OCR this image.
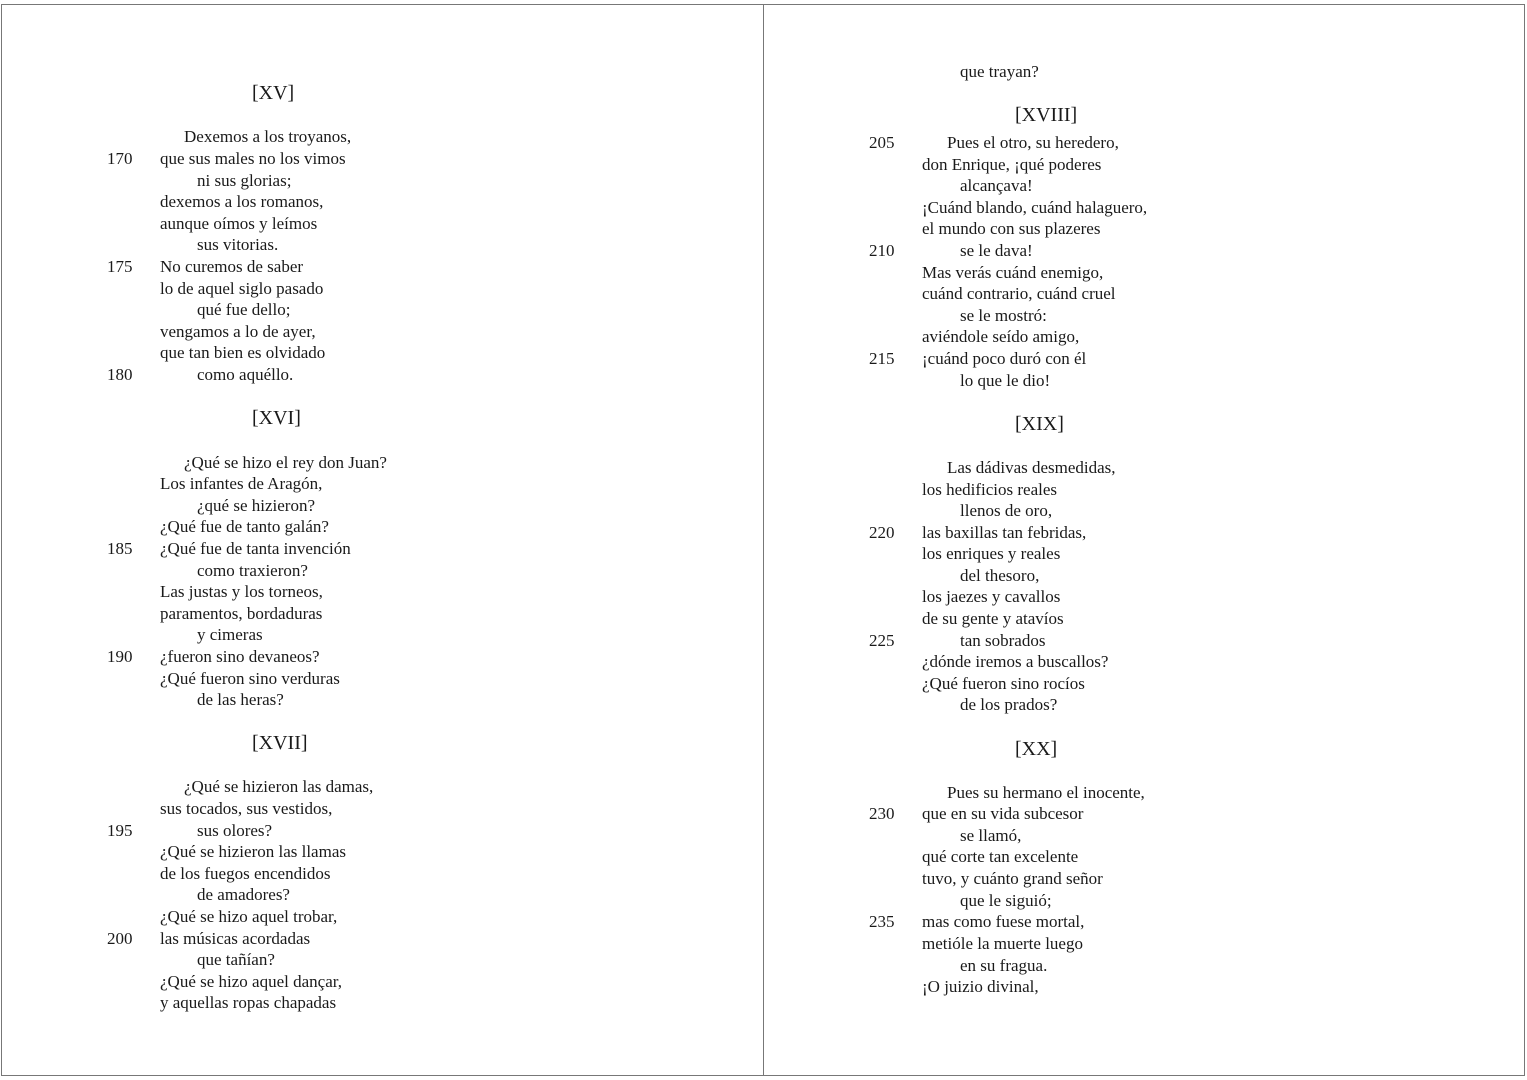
[XV]
Dexemos a los troyanos,
170 que sus males no los vimos
ni sus glorias;
dexemos a los romanos,
aunque oímos y leímos
sus vitorias.
175 No curemos de saber
lo de aquel siglo pasado
qué fue dello;
vengamos a lo de ayer,
que tan bien es olvidado
180	como aquéllo.
[XVI]
¿Qué se hizo el rey don Juan?
Los infantes de Aragón,
¿qué se hizieron?
¿Qué fue de tanto galán?
185 ¿Qué fue de tanta invención
como traxieron?
Las justas y los torneos,
paramentos, bordaduras
y cimeras
190 ¿fueron sino devaneos?
¿Qué fueron sino verduras
de las heras?
[XVII]
¿Qué se hizieron las damas,
sus tocados, sus vestidos,
195	sus olores?
¿Qué se hizieron las llamas
de los fuegos encendidos
de amadores?
¿Qué se hizo aquel trobar,
200 las músicas acordadas
que tañían?
¿Qué se hizo aquel dançar,
y aquellas ropas chapadas
que trayan?
[XVIII]
205	Pues el otro, su heredero,
don Enrique, ¡qué poderes
alcançava!
¡Cuánd blando, cuánd halaguero,
el mundo con sus plazeres
210	se le dava!
Mas verás cuánd enemigo,
cuánd contrario, cuánd cruel
se le mostró:
aviéndole seído amigo,
215 ¡cuánd poco duró con él
lo que le dio!
[XIX]
Las dádivas desmedidas,
los hedificios reales
llenos de oro,
220 las baxillas tan febridas,
los enriques y reales
del thesoro,
los jaezes y cavallos
de su gente y atavíos
225	tan sobrados
¿dónde iremos a buscallos?
¿Qué fueron sino rocíos
de los prados?
[XX]
Pues su hermano el inocente,
230 que en su vida subcesor
se llamó,
qué corte tan excelente
tuvo, y cuánto grand señor
que le siguió;
235 mas como fuese mortal,
metióle la muerte luego
en su fragua.
¡O juizio divinal,
